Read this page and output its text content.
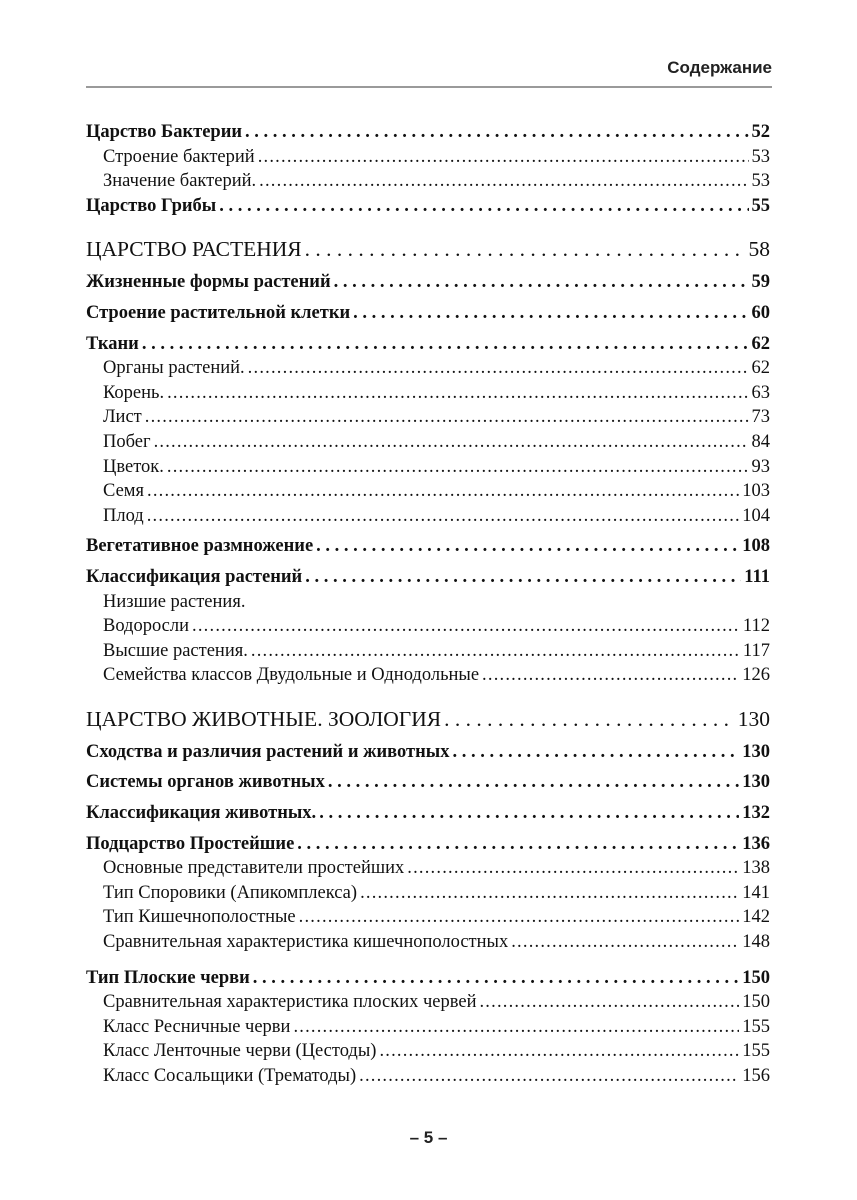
Содержание
Царство Бактерии . . .	52
Строение бактерий .....	53
Значение бактерий. .....	53
Царство Грибы . . .	55
ЦАРСТВО РАСТЕНИЯ . . .	58
Жизненные формы растений . . .	59
Строение растительной клетки . . .	60
Ткани . . .	62
Органы растений. .....	62
Корень. .....	63
Лист .....	73
Побег .....	84
Цветок. .....	93
Семя .....	103
Плод .....	104
Вегетативное размножение . . .	108
Классификация растений . . .	111
Низшие растения.
Водоросли .....	112
Высшие растения. .....	117
Семейства классов Двудольные и Однодольные .....	126
ЦАРСТВО ЖИВОТНЫЕ. ЗООЛОГИЯ . . .	130
Сходства и различия растений и животных . . .	130
Системы органов животных . . .	130
Классификация животных. . . .	132
Подцарство Простейшие . . .	136
Основные представители простейших .....	138
Тип Споровики (Апикомплекса) .....	141
Тип Кишечнополостные .....	142
Сравнительная характеристика кишечнополостных .....	148
Тип Плоские черви . . .	150
Сравнительная характеристика плоских червей .....	150
Класс Ресничные черви .....	155
Класс Ленточные черви (Цестоды) .....	155
Класс Сосальщики (Трематоды) .....	156
– 5 –
